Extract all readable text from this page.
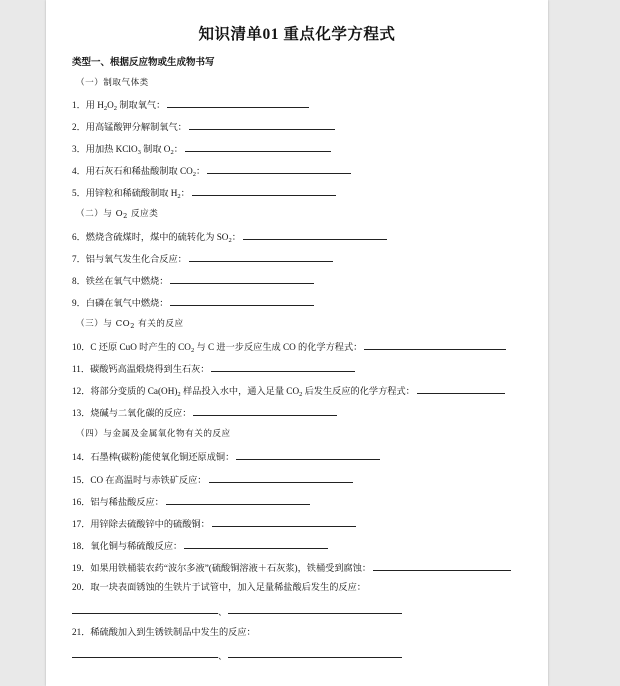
知识清单01 重点化学方程式
类型一、根据反应物或生成物书写
（一）制取气体类
1．用 $H_2O_2$ 制取氧气：
2．用高锰酸钾分解制氧气：
3．用加热 KClO$_3$ 制取 $O_2$：
4．用石灰石和稀盐酸制取 $CO_2$：
5．用锌粒和稀硫酸制取 $H_2$：
（二）与 $O_2$ 反应类
6．燃烧含硫煤时，煤中的硫转化为 $SO_2$：
7．铝与氧气发生化合反应：
8．铁丝在氧气中燃烧：
9．白磷在氧气中燃烧：
（三）与 $CO_2$ 有关的反应
10．C 还原 CuO 时产生的 $CO_2$ 与 C 进一步反应生成 CO 的化学方程式：
11．碳酸钙高温煅烧得到生石灰：
12．将部分变质的 $Ca(OH)_2$ 样品投入水中，通入足量 $CO_2$ 后发生反应的化学方程式：
13．烧碱与二氧化碳的反应：
（四）与金属及金属氧化物有关的反应
14．石墨棒(碳粉)能使氧化铜还原成铜：
15．CO 在高温时与赤铁矿反应：
16．铝与稀盐酸反应：
17．用锌除去硫酸锌中的硫酸铜：
18．氧化铜与稀硫酸反应：
19．如果用铁桶装农药“波尔多液”(硫酸铜溶液＋石灰浆)，铁桶受到腐蚀：
20．取一块表面锈蚀的生铁片于试管中，加入足量稀盐酸后发生的反应：
、
21．稀硫酸加入到生锈铁制品中发生的反应：
、
